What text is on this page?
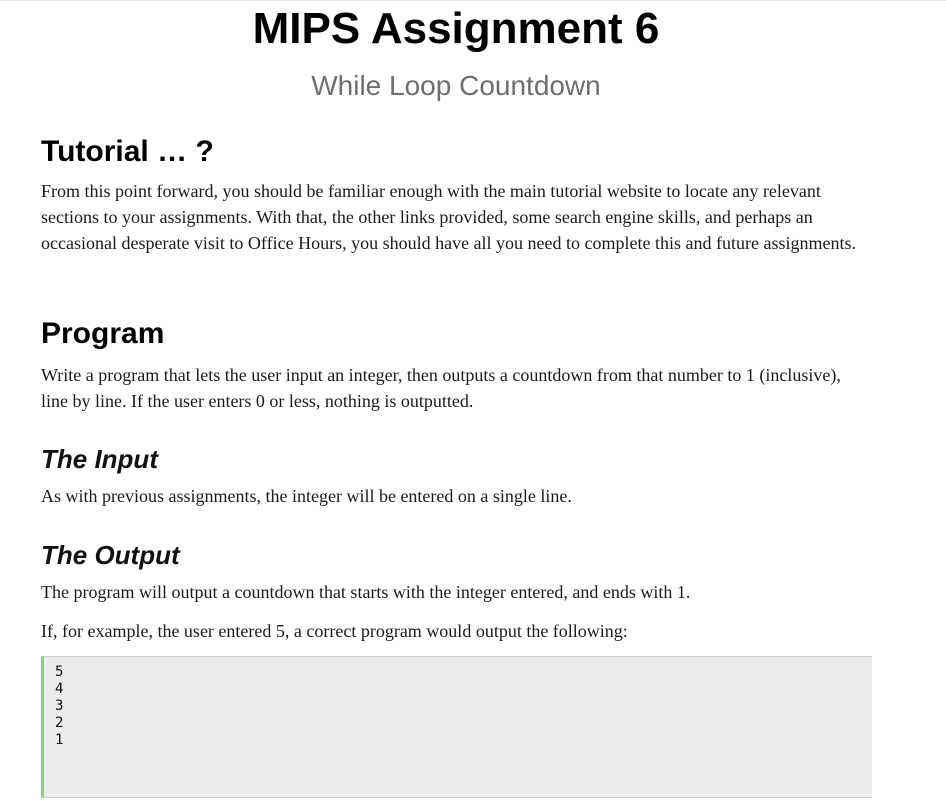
MIPS Assignment 6
While Loop Countdown
Tutorial … ?

From this point forward, you should be familiar enough with the main tutorial website to locate any relevant sections to your assignments. With that, the other links provided, some search engine skills, and perhaps an occasional desperate visit to Office Hours, you should have all you need to complete this and future assignments.

Program

Write a program that lets the user input an integer, then outputs a countdown from that number to 1 (inclusive), line by line. If the user enters 0 or less, nothing is outputted.

The Input

As with previous assignments, the integer will be entered on a single line.

The Output

The program will output a countdown that starts with the integer entered, and ends with 1.

If, for example, the user entered 5, a correct program would output the following:

5
4
3
2
1
